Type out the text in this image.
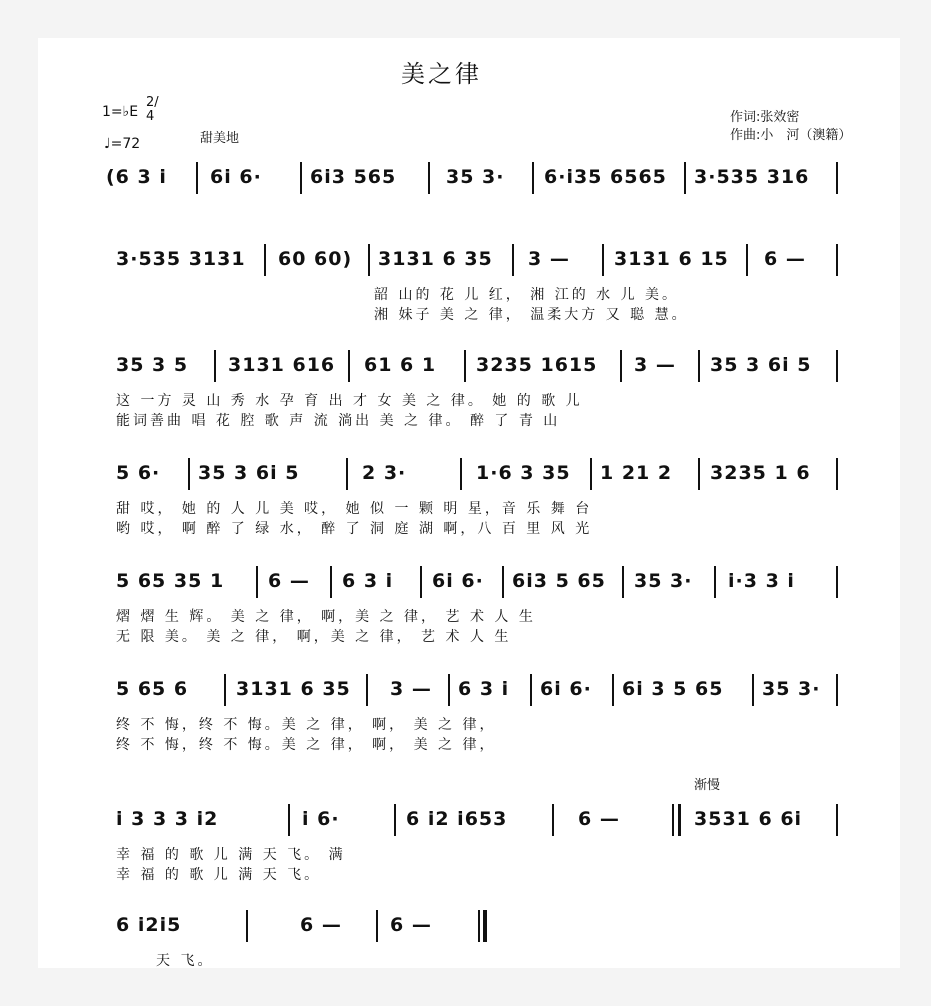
美之律
1=♭E
2/4
♩=72	甜美地
作词:张效密
作曲:小　河（澳籍）
(6 3 i 6i 6·	6i3 565	35 3· 6·i35 6565 3·535 316
3·535 3131 60 60) 3131 6 35 3 — 3131 6 15 6 —
韶 山的 花 儿 红， 湘 江的 水 儿 美。
湘 妹子 美 之 律， 温柔大方 又 聪 慧。
35 3 5 3131 616 61 6 1 3235 1615 3 — 35 3 6i 5
这 一方 灵 山 秀 水 孕 育 出 才 女 美 之 律。 她 的 歌 儿
能词善曲 唱 花 腔 歌 声 流 淌出 美 之 律。 醉 了 青 山
5 6· 35 3 6i 5	2 3·	1·6 3 35 1 21 2 3235 1 6
甜 哎， 她 的 人 儿 美 哎， 她 似 一 颗 明 星，音 乐 舞 台
哟 哎， 啊 醉 了 绿 水， 醉 了 洞 庭 湖 啊，八 百 里 风 光
5 65 35 1 6 — 6 3 i 6i 6· 6i3 5 65 35 3· i·3 3 i
熠 熠 生 辉。 美 之 律， 啊，美 之 律， 艺 术 人 生
无 限 美。 美 之 律， 啊，美 之 律， 艺 术 人 生
5 65 6	3131 6 35 3 — 6 3 i 6i 6· 6i 3 5 65 35 3·
终 不 悔，终 不 悔。美 之 律， 啊， 美 之 律，
终 不 悔，终 不 悔。美 之 律， 啊， 美 之 律，
渐慢
i 3 3 3 i2	i 6·	6 i2 i653	6 —	3531 6 6i
幸 福 的 歌 儿 满 天 飞。 满
幸 福 的 歌 儿 满 天 飞。
6 i2i5	6 —	6 —
天 飞。
